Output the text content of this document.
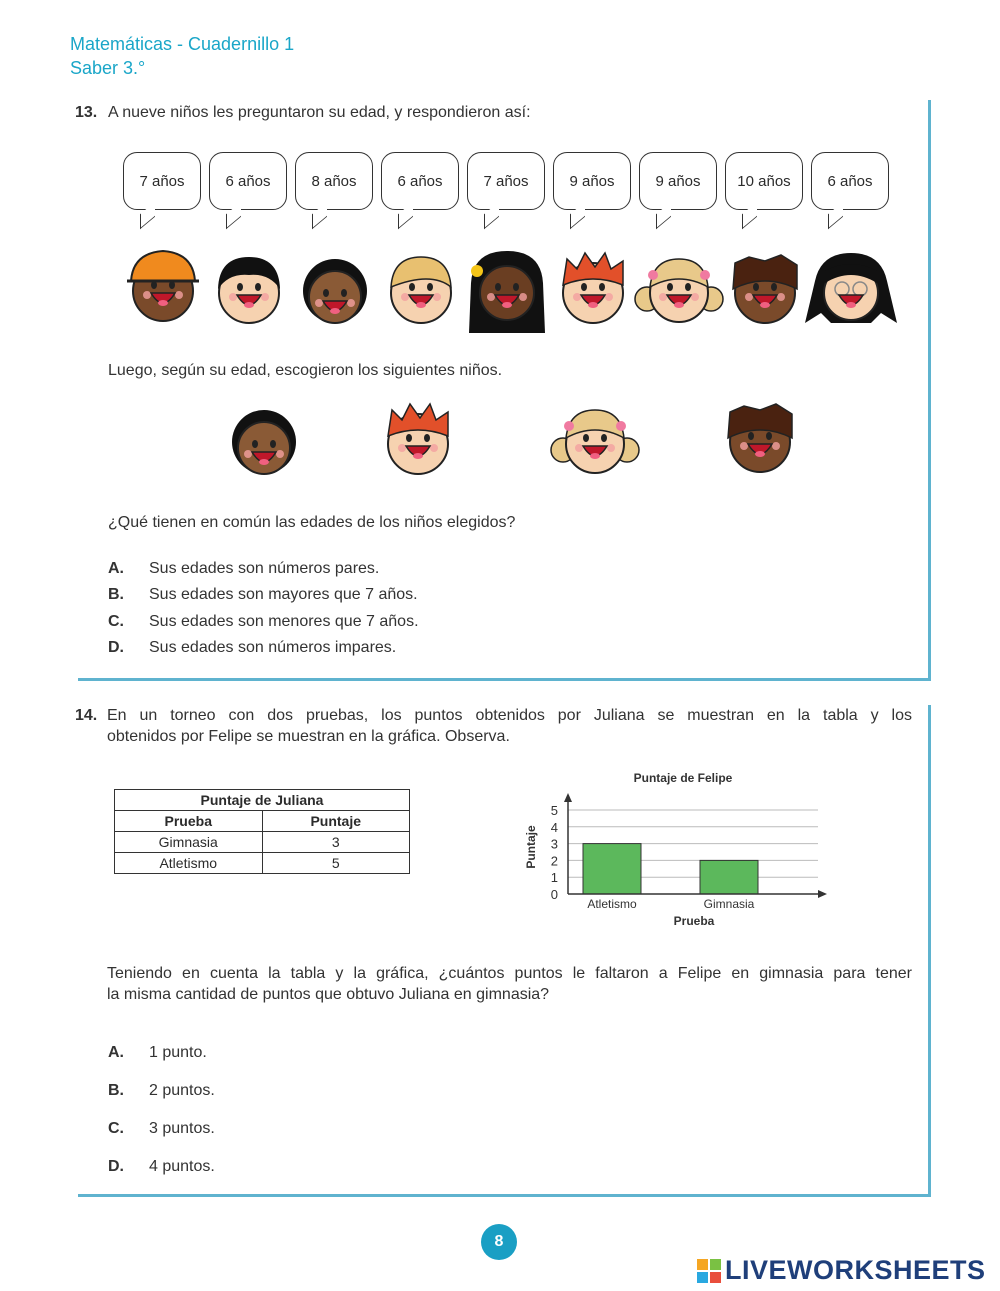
Matemáticas - Cuadernillo 1
Saber 3.°
13. A nueve niños les preguntaron su edad, y respondieron así:
7 años	6 años	8 años	6 años	7 años	9 años	9 años	10 años	6 años
Luego, según su edad, escogieron los siguientes niños.
¿Qué tienen en común las edades de los niños elegidos?
A. Sus edades son números pares.
B. Sus edades son mayores que 7 años.
C. Sus edades son menores que 7 años.
D. Sus edades son números impares.
14. En un torneo con dos pruebas, los puntos obtenidos por Juliana se muestran en la tabla y los
obtenidos por Felipe se muestran en la gráfica. Observa.
Puntaje de Juliana	
Prueba	Puntaje
Gimnasia	3
Atletismo	5
Puntaje de Felipe
0
1
2
3
4
5
Atletismo	Gimnasia
Puntaje
Prueba
Teniendo en cuenta la tabla y la gráfica, ¿cuántos puntos le faltaron a Felipe en gimnasia para tener
la misma cantidad de puntos que obtuvo Juliana en gimnasia?
A. 1 punto.
B. 2 puntos.
C. 3 puntos.
D. 4 puntos.
8
LIVEWORKSHEETS
